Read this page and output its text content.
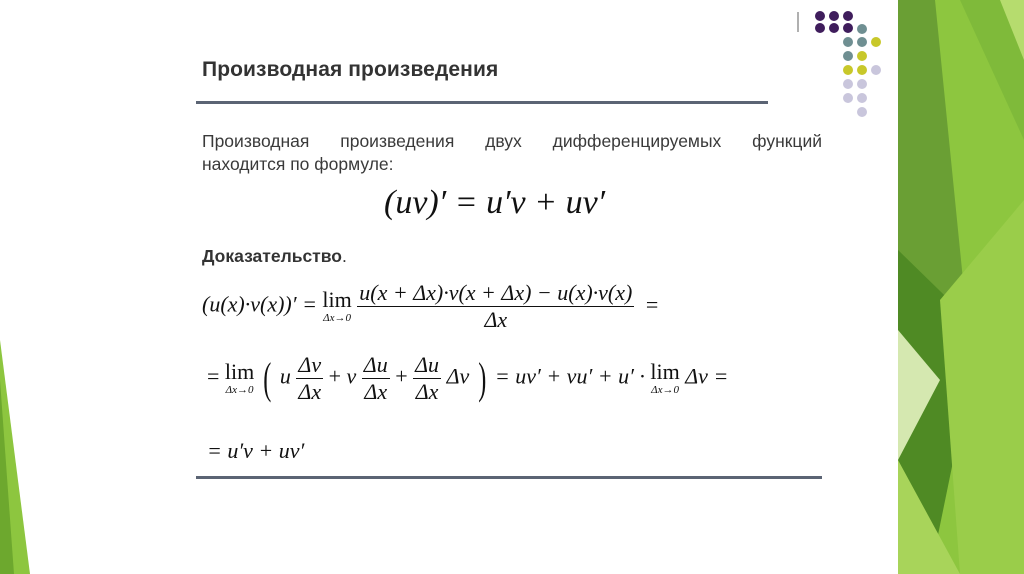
Производная произведения
Производная произведения двух дифференцируемых функций
находится по формуле:
(uv)′ = u′v + uv′
Доказательство.
(u(x)·v(x))′ = lim
Δx→0
$\frac{u(x + \Delta x)\cdot v(x + \Delta x) - u(x)\cdot v(x)}{\Delta x}$ =
= lim
Δx→0 ( u $\frac{\Delta v}{\Delta x} + v \frac{\Delta u}{\Delta x} + \frac{\Delta u}{\Delta x}$ Δv ) = uv′ + vu′ + u′ · lim
Δx→0
Δv =
= u′v + uv′
